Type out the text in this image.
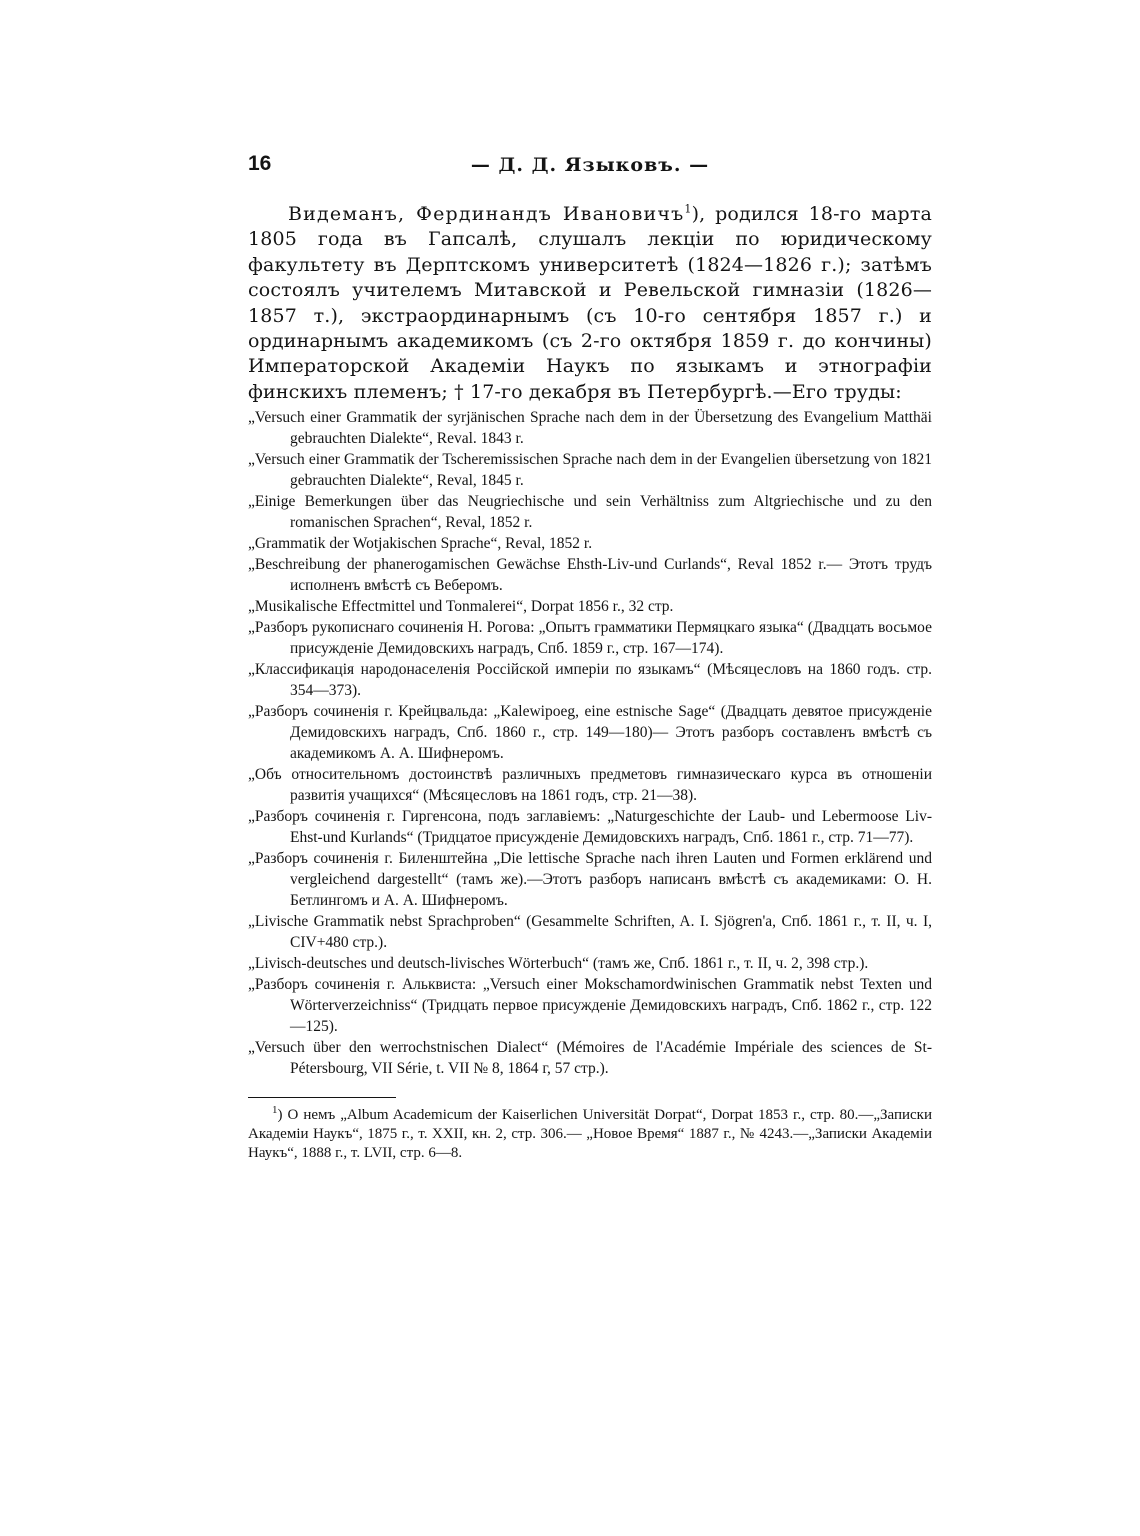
16	— Д. Д. Языковъ. —

Видеманъ, Фердинандъ Ивановичъ$^1$), родился 18-го марта 1805 года въ Гапсалѣ, слушалъ лекціи по юридическому факультету въ Дерптскомъ университетѣ (1824—1826 г.); затѣмъ состоялъ учителемъ Митавской и Ревельской гимназіи (1826—1857 т.), экстраординарнымъ (съ 10-го сентября 1857 г.) и ординарнымъ академикомъ (съ 2-го октября 1859 г. до кончины) Императорской Академіи Наукъ по языкамъ и этнографіи финскихъ племенъ; † 17-го декабря въ Петербургѣ.—Его труды:

„Versuch einer Grammatik der syrjänischen Sprache nach dem in der Übersetzung des Evangelium Matthäi gebrauchten Dialekte“, Reval. 1843 r.
„Versuch einer Grammatik der Tscheremissischen Sprache nach dem in der Evangelien übersetzung von 1821 gebrauchten Dialekte“, Reval, 1845 r.
„Einige Bemerkungen über das Neugriechische und sein Verhältniss zum Altgriechische und zu den romanischen Sprachen“, Reval, 1852 r.
„Grammatik der Wotjakischen Sprache“, Reval, 1852 r.
„Beschreibung der phanerogamischen Gewächse Ehsth-Liv-und Curlands“, Reval 1852 r.— Этотъ трудъ исполненъ вмѣстѣ съ Веберомъ.
„Musikalische Effectmittel und Tonmalerei“, Dorpat 1856 r., 32 стр.
„Разборъ рукописнаго сочиненія Н. Рогова: „Опытъ грамматики Пермяцкаго языка“ (Двадцать восьмое присужденіе Демидовскихъ наградъ, Спб. 1859 г., стр. 167—174).
„Классификація народонаселенія Россійской имперіи по языкамъ“ (Мѣсяцесловъ на 1860 годъ. стр. 354—373).
„Разборъ сочиненія г. Крейцвальда: „Kalewipoeg, eine estnische Sage“ (Двадцать девятое присужденіе Демидовскихъ наградъ, Спб. 1860 г., стр. 149—180)— Этотъ разборъ составленъ вмѣстѣ съ академикомъ А. А. Шифнеромъ.
„Объ относительномъ достоинствѣ различныхъ предметовъ гимназическаго курса въ отношеніи развитія учащихся“ (Мѣсяцесловъ на 1861 годъ, стр. 21—38).
„Разборъ сочиненія г. Гиргенсона, подъ заглавіемъ: „Naturgeschichte der Laub- und Lebermoose Liv-Ehst-und Kurlands“ (Тридцатое присужденіе Демидовскихъ наградъ, Спб. 1861 г., стр. 71—77).
„Разборъ сочиненія г. Биленштейна „Die lettische Sprache nach ihren Lauten und Formen erklärend und vergleichend dargestellt“ (тамъ же).—Этотъ разборъ написанъ вмѣстѣ съ академиками: О. Н. Бетлингомъ и А. А. Шифнеромъ.
„Livische Grammatik nebst Sprachproben“ (Gesammelte Schriften, A. I. Sjögren'a, Спб. 1861 г., т. II, ч. I, CIV+480 стр.).
„Livisch-deutsches und deutsch-livisches Wörterbuch“ (тамъ же, Спб. 1861 г., т. II, ч. 2, 398 стр.).
„Разборъ сочиненія г. Альквиста: „Versuch einer Mokschamordwinischen Grammatik nebst Texten und Wörterverzeichniss“ (Тридцать первое присужденіе Демидовскихъ наградъ, Спб. 1862 г., стр. 122—125).
„Versuch über den werrochstnischen Dialect“ (Mémoires de l'Académie Impériale des sciences de St-Pétersbourg, VII Série, t. VII № 8, 1864 г, 57 стр.).

$^1$) О немъ „Album Academicum der Kaiserlichen Universität Dorpat“, Dorpat 1853 г., стр. 80.—„Записки Академіи Наукъ“, 1875 г., т. XXII, кн. 2, стр. 306.— „Новое Время“ 1887 г., № 4243.—„Записки Академіи Наукъ“, 1888 г., т. LVII, стр. 6—8.
